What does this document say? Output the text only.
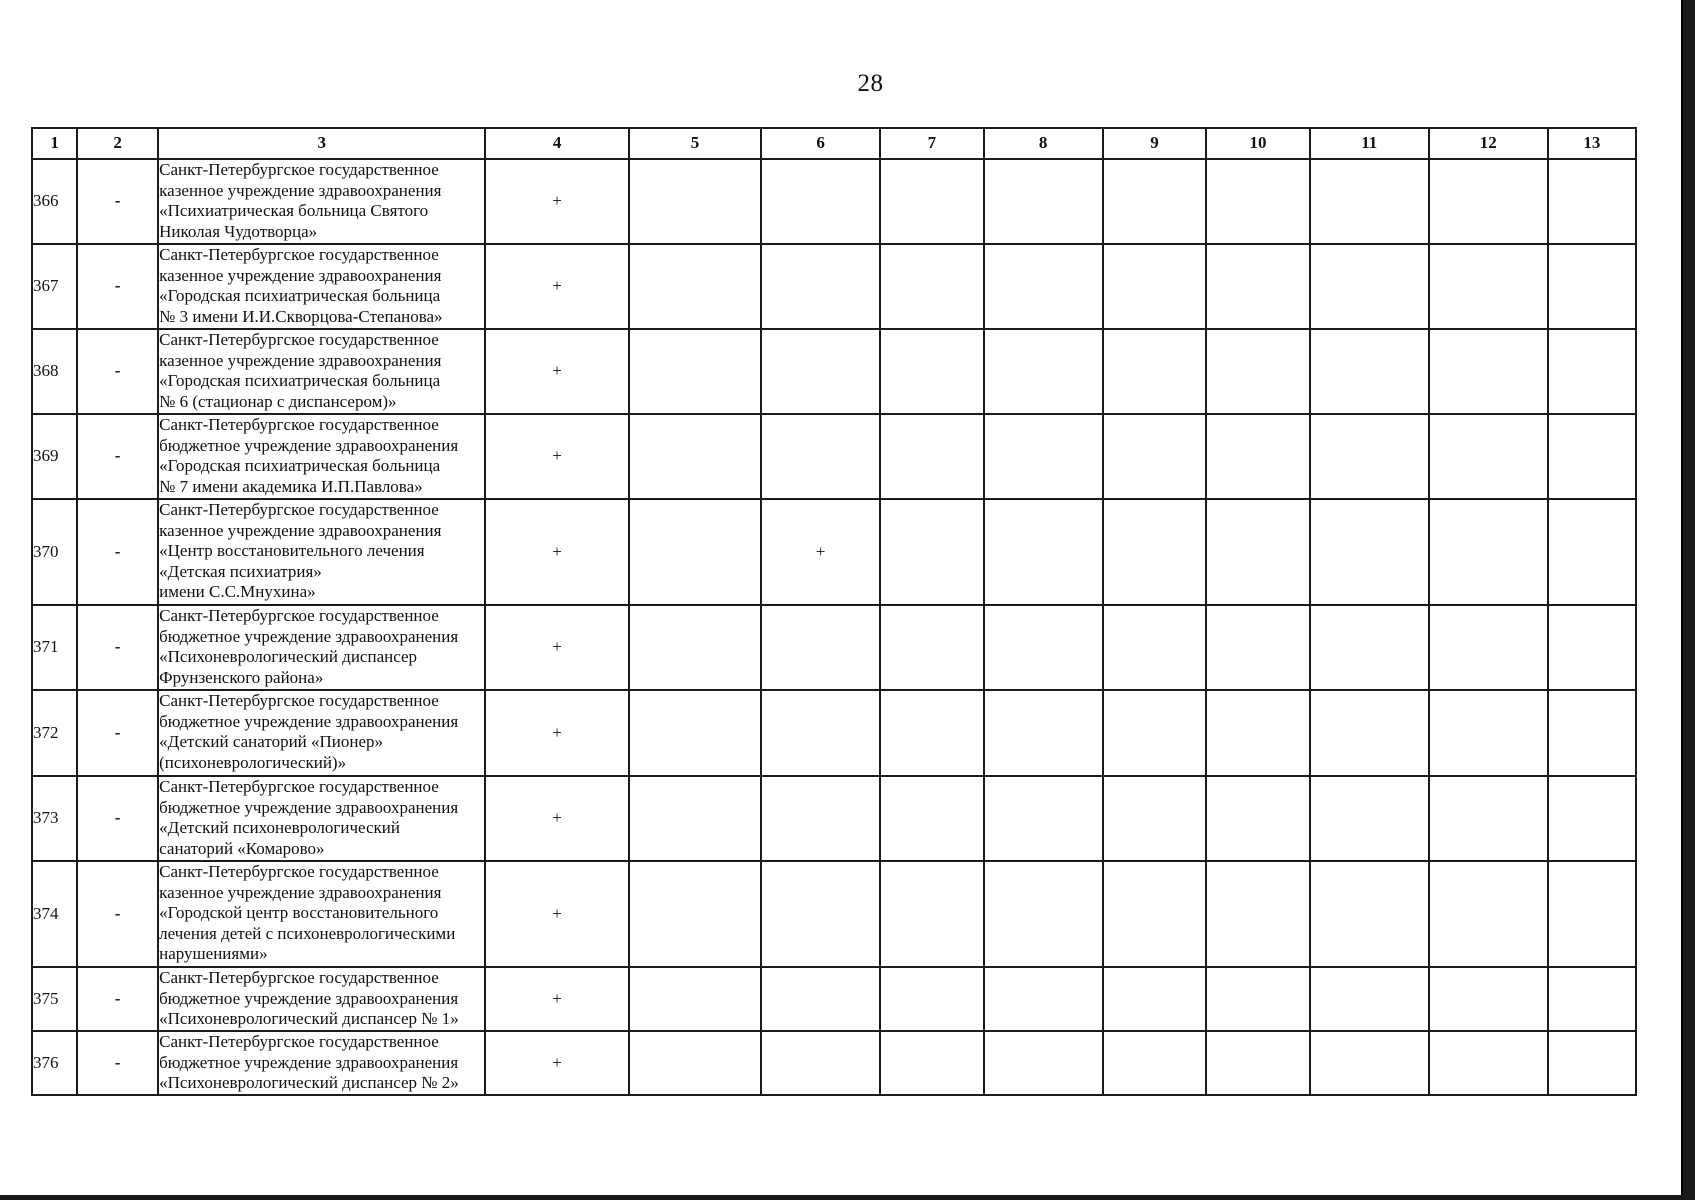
28
1	2	3	4	5	6	7	8	9	10	11	12	13
366	-	Санкт-Петербургское государственное
казенное учреждение здравоохранения
«Психиатрическая больница Святого
Николая Чудотворца»	+									
367	-	Санкт-Петербургское государственное
казенное учреждение здравоохранения
«Городская психиатрическая больница
№ 3 имени И.И.Скворцова-Степанова»	+									
368	-	Санкт-Петербургское государственное
казенное учреждение здравоохранения
«Городская психиатрическая больница
№ 6 (стационар с диспансером)»	+									
369	-	Санкт-Петербургское государственное
бюджетное учреждение здравоохранения
«Городская психиатрическая больница
№ 7 имени академика И.П.Павлова»	+									
370	-	Санкт-Петербургское государственное
казенное учреждение здравоохранения
«Центр восстановительного лечения
«Детская психиатрия»
имени С.С.Мнухина»	+		+							
371	-	Санкт-Петербургское государственное
бюджетное учреждение здравоохранения
«Психоневрологический диспансер
Фрунзенского района»	+									
372	-	Санкт-Петербургское государственное
бюджетное учреждение здравоохранения
«Детский санаторий «Пионер»
(психоневрологический)»	+									
373	-	Санкт-Петербургское государственное
бюджетное учреждение здравоохранения
«Детский психоневрологический
санаторий «Комарово»	+									
374	-	Санкт-Петербургское государственное
казенное учреждение здравоохранения
«Городской центр восстановительного
лечения детей с психоневрологическими
нарушениями»	+									
375	-	Санкт-Петербургское государственное
бюджетное учреждение здравоохранения
«Психоневрологический диспансер № 1»	+									
376	-	Санкт-Петербургское государственное
бюджетное учреждение здравоохранения
«Психоневрологический диспансер № 2»	+									
